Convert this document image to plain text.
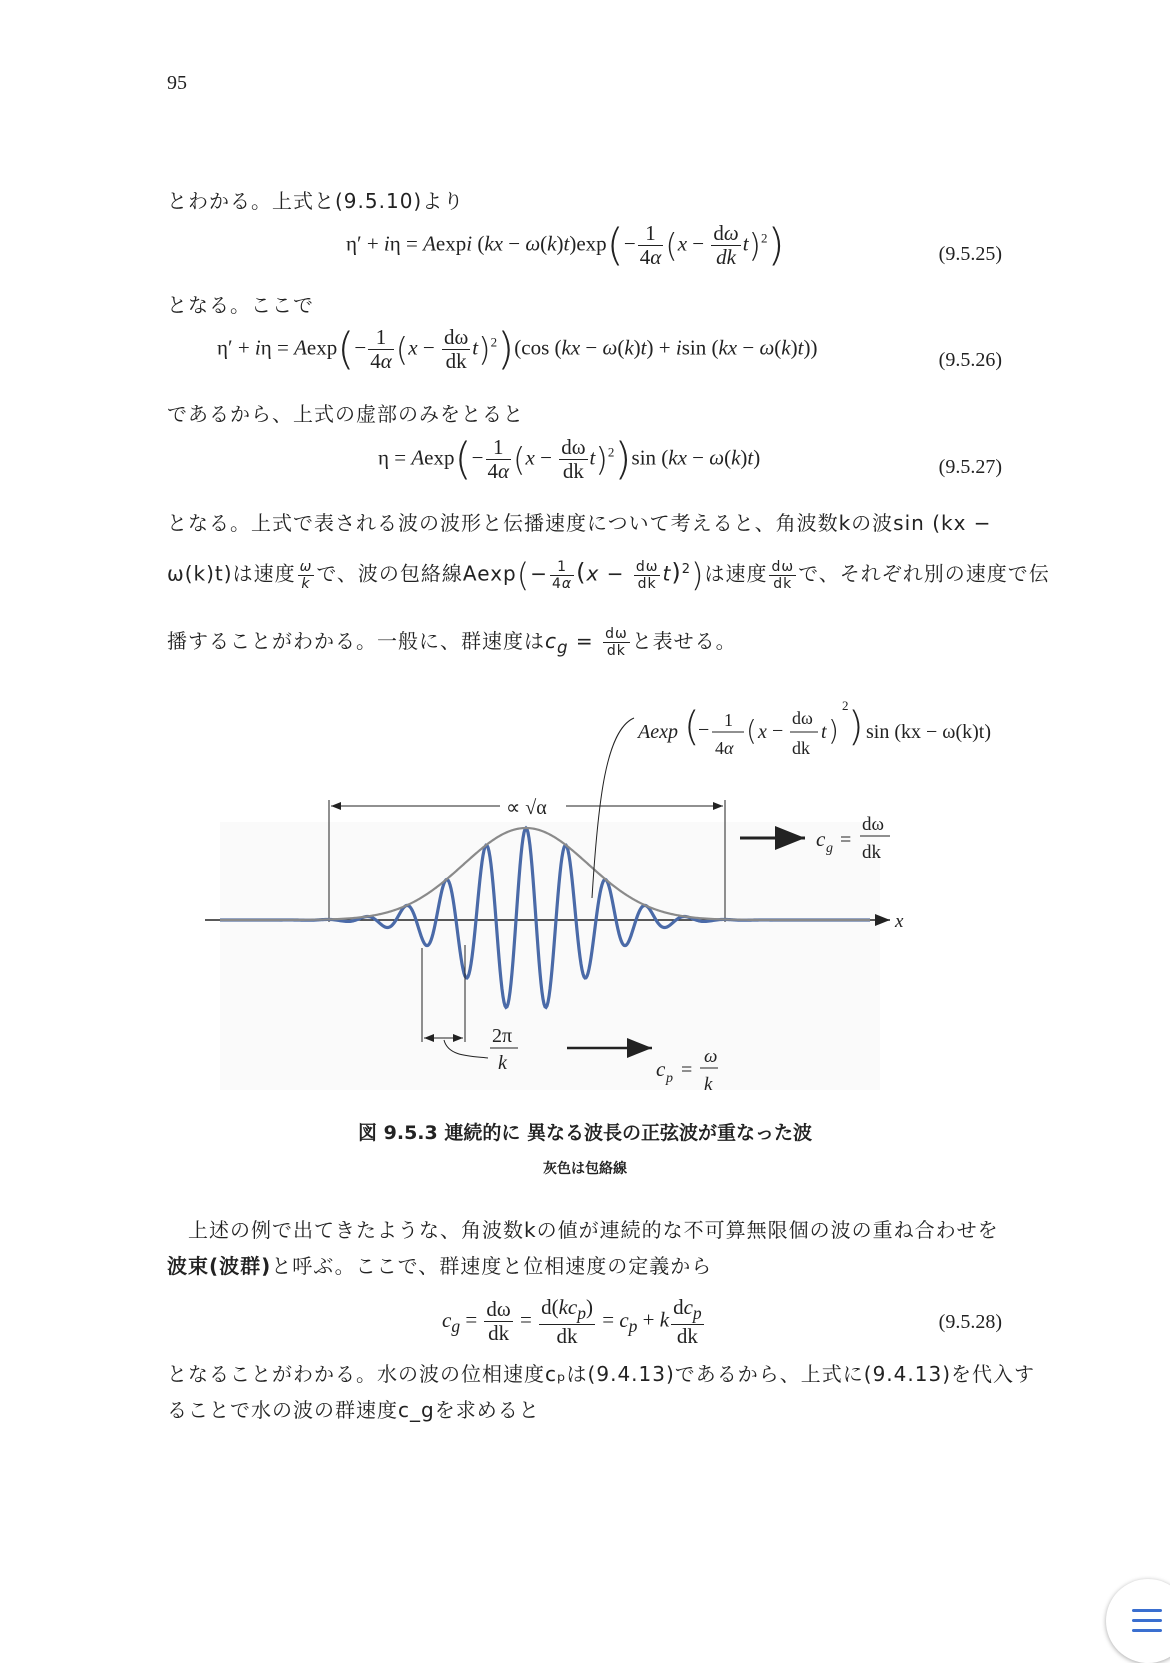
95
とわかる。上式と(9.5.10)より
η′ + iη = Aexpi $(kx - \omega(k)t)\exp(- \frac{1}{4\alpha} (x - \frac{d\omega}{dk} t)^2)$	(9.5.25)
となる。ここで
$\eta' + i\eta = Aexp(- \frac{1}{4\alpha} (x - \frac{d\omega}{dk} t)^2)(\cos$ (kx − ω(k)t) + isin (kx − ω(k)t))
(9.5.26)
であるから、上式の虚部のみをとると
$\eta = Aexp(- \frac{1}{4\alpha} (x - \frac{d\omega}{dk} t)^2)\sin$ (kx − ω(k)t)	(9.5.27)
となる。上式で表される波の波形と伝播速度について考えると、角波数kの波sin (kx −
ω(k)t)は速度 $\frac{\omega}{k}$ で、波の包絡線$Aexp(- \frac{1}{4\alpha} (x - \frac{d\omega}{dk} t)^2)$は速度 $\frac{d\omega}{dk}$ で、それぞれ別の速度で伝
播することがわかる。一般に、群速度は$c_g = \frac{d\omega}{dk}$ と表せる。
Aexp (
− 1
4α
( x −
dω
dk
t )
2 ) sin (kx − ω(k)t)
∝ √α
c g =
dω
dk
x
2π
k	c p =
ω
k
図 9.5.3 連続的に 異なる波長の正弦波が重なった波
灰色は包絡線
上述の例で出てきたような、角波数kの値が連続的な不可算無限個の波の重ね合わせを
波束(波群)と呼ぶ。ここで、群速度と位相速度の定義から
$c_g = \frac{d\omega}{dk} = \frac{d(kc_p)}{dk} = c_p + k \frac{dc_p}{dk}$	(9.5.28)
となることがわかる。水の波の位相速度cₚは(9.4.13)であるから、上式に(9.4.13)を代入す
ることで水の波の群速度c_gを求めると
